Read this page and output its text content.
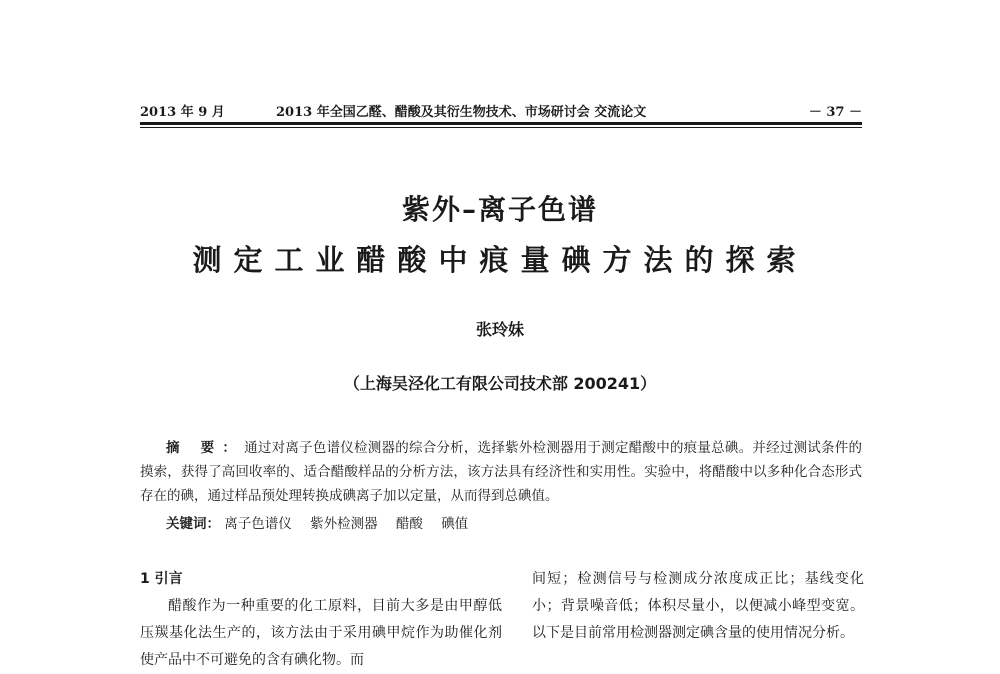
2013 年 9 月	2013 年全国乙醛、醋酸及其衍生物技术、市场研讨会 交流论文	－ 37 －
紫外–离子色谱
测定工业醋酸中痕量碘方法的探索
张玲妹
（上海吴泾化工有限公司技术部 200241）

摘 要：通过对离子色谱仪检测器的综合分析，选择紫外检测器用于测定醋酸中的痕量总碘。并经过测试条件的摸索，获得了高回收率的、适合醋酸样品的分析方法，该方法具有经济性和实用性。实验中，将醋酸中以多种化合态形式存在的碘，通过样品预处理转换成碘离子加以定量，从而得到总碘值。

关键词： 离子色谱仪 紫外检测器 醋酸 碘值

1 引言

醋酸作为一种重要的化工原料，目前大多是由甲醇低压羰基化法生产的，该方法由于采用碘甲烷作为助催化剂使产品中不可避免的含有碘化物。而

间短；检测信号与检测成分浓度成正比；基线变化小；背景噪音低；体积尽量小，以便减小峰型变宽。以下是目前常用检测器测定碘含量的使用情况分析。
